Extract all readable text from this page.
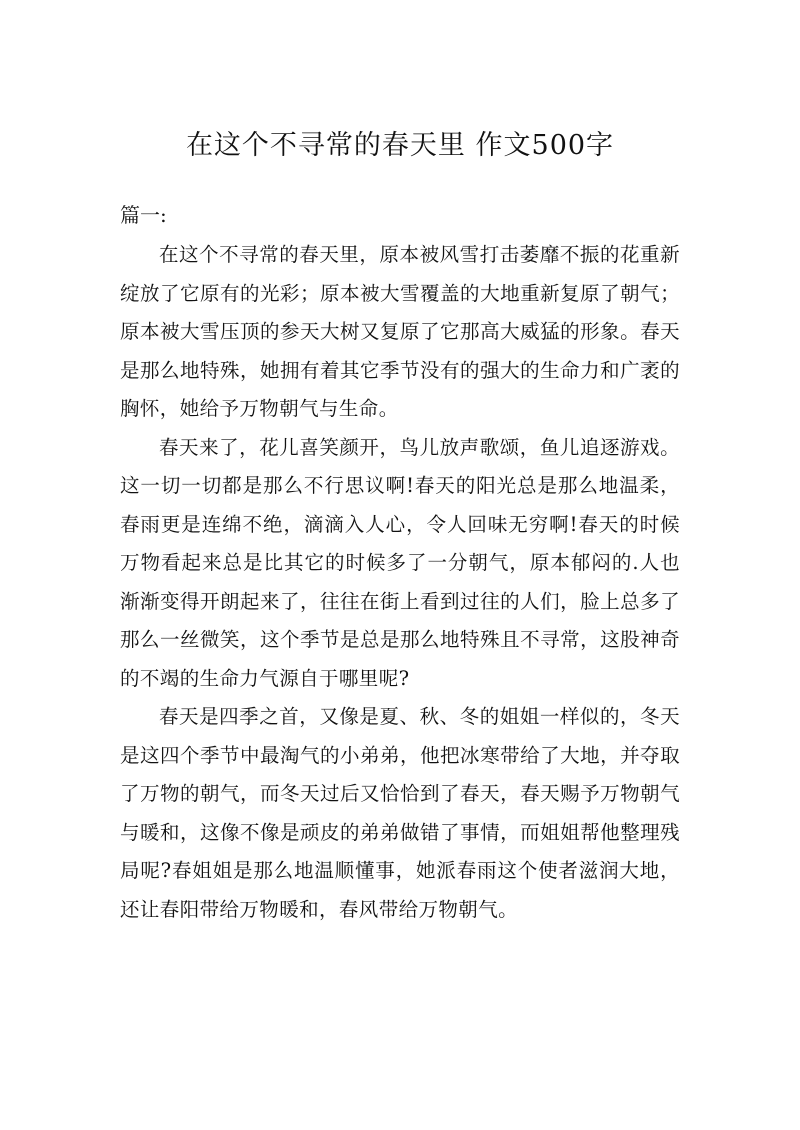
在这个不寻常的春天里 作文500字

篇一:

在这个不寻常的春天里，原本被风雪打击萎靡不振的花重新绽放了它原有的光彩；原本被大雪覆盖的大地重新复原了朝气；原本被大雪压顶的参天大树又复原了它那高大威猛的形象。春天是那么地特殊，她拥有着其它季节没有的强大的生命力和广袤的胸怀，她给予万物朝气与生命。

春天来了，花儿喜笑颜开，鸟儿放声歌颂，鱼儿追逐游戏。这一切一切都是那么不行思议啊!春天的阳光总是那么地温柔，春雨更是连绵不绝，滴滴入人心，令人回味无穷啊!春天的时候万物看起来总是比其它的时候多了一分朝气，原本郁闷的.人也渐渐变得开朗起来了，往往在街上看到过往的人们，脸上总多了那么一丝微笑，这个季节是总是那么地特殊且不寻常，这股神奇的不竭的生命力气源自于哪里呢?

春天是四季之首，又像是夏、秋、冬的姐姐一样似的，冬天是这四个季节中最淘气的小弟弟，他把冰寒带给了大地，并夺取了万物的朝气，而冬天过后又恰恰到了春天，春天赐予万物朝气与暖和，这像不像是顽皮的弟弟做错了事情，而姐姐帮他整理残局呢?春姐姐是那么地温顺懂事，她派春雨这个使者滋润大地，还让春阳带给万物暖和，春风带给万物朝气。
